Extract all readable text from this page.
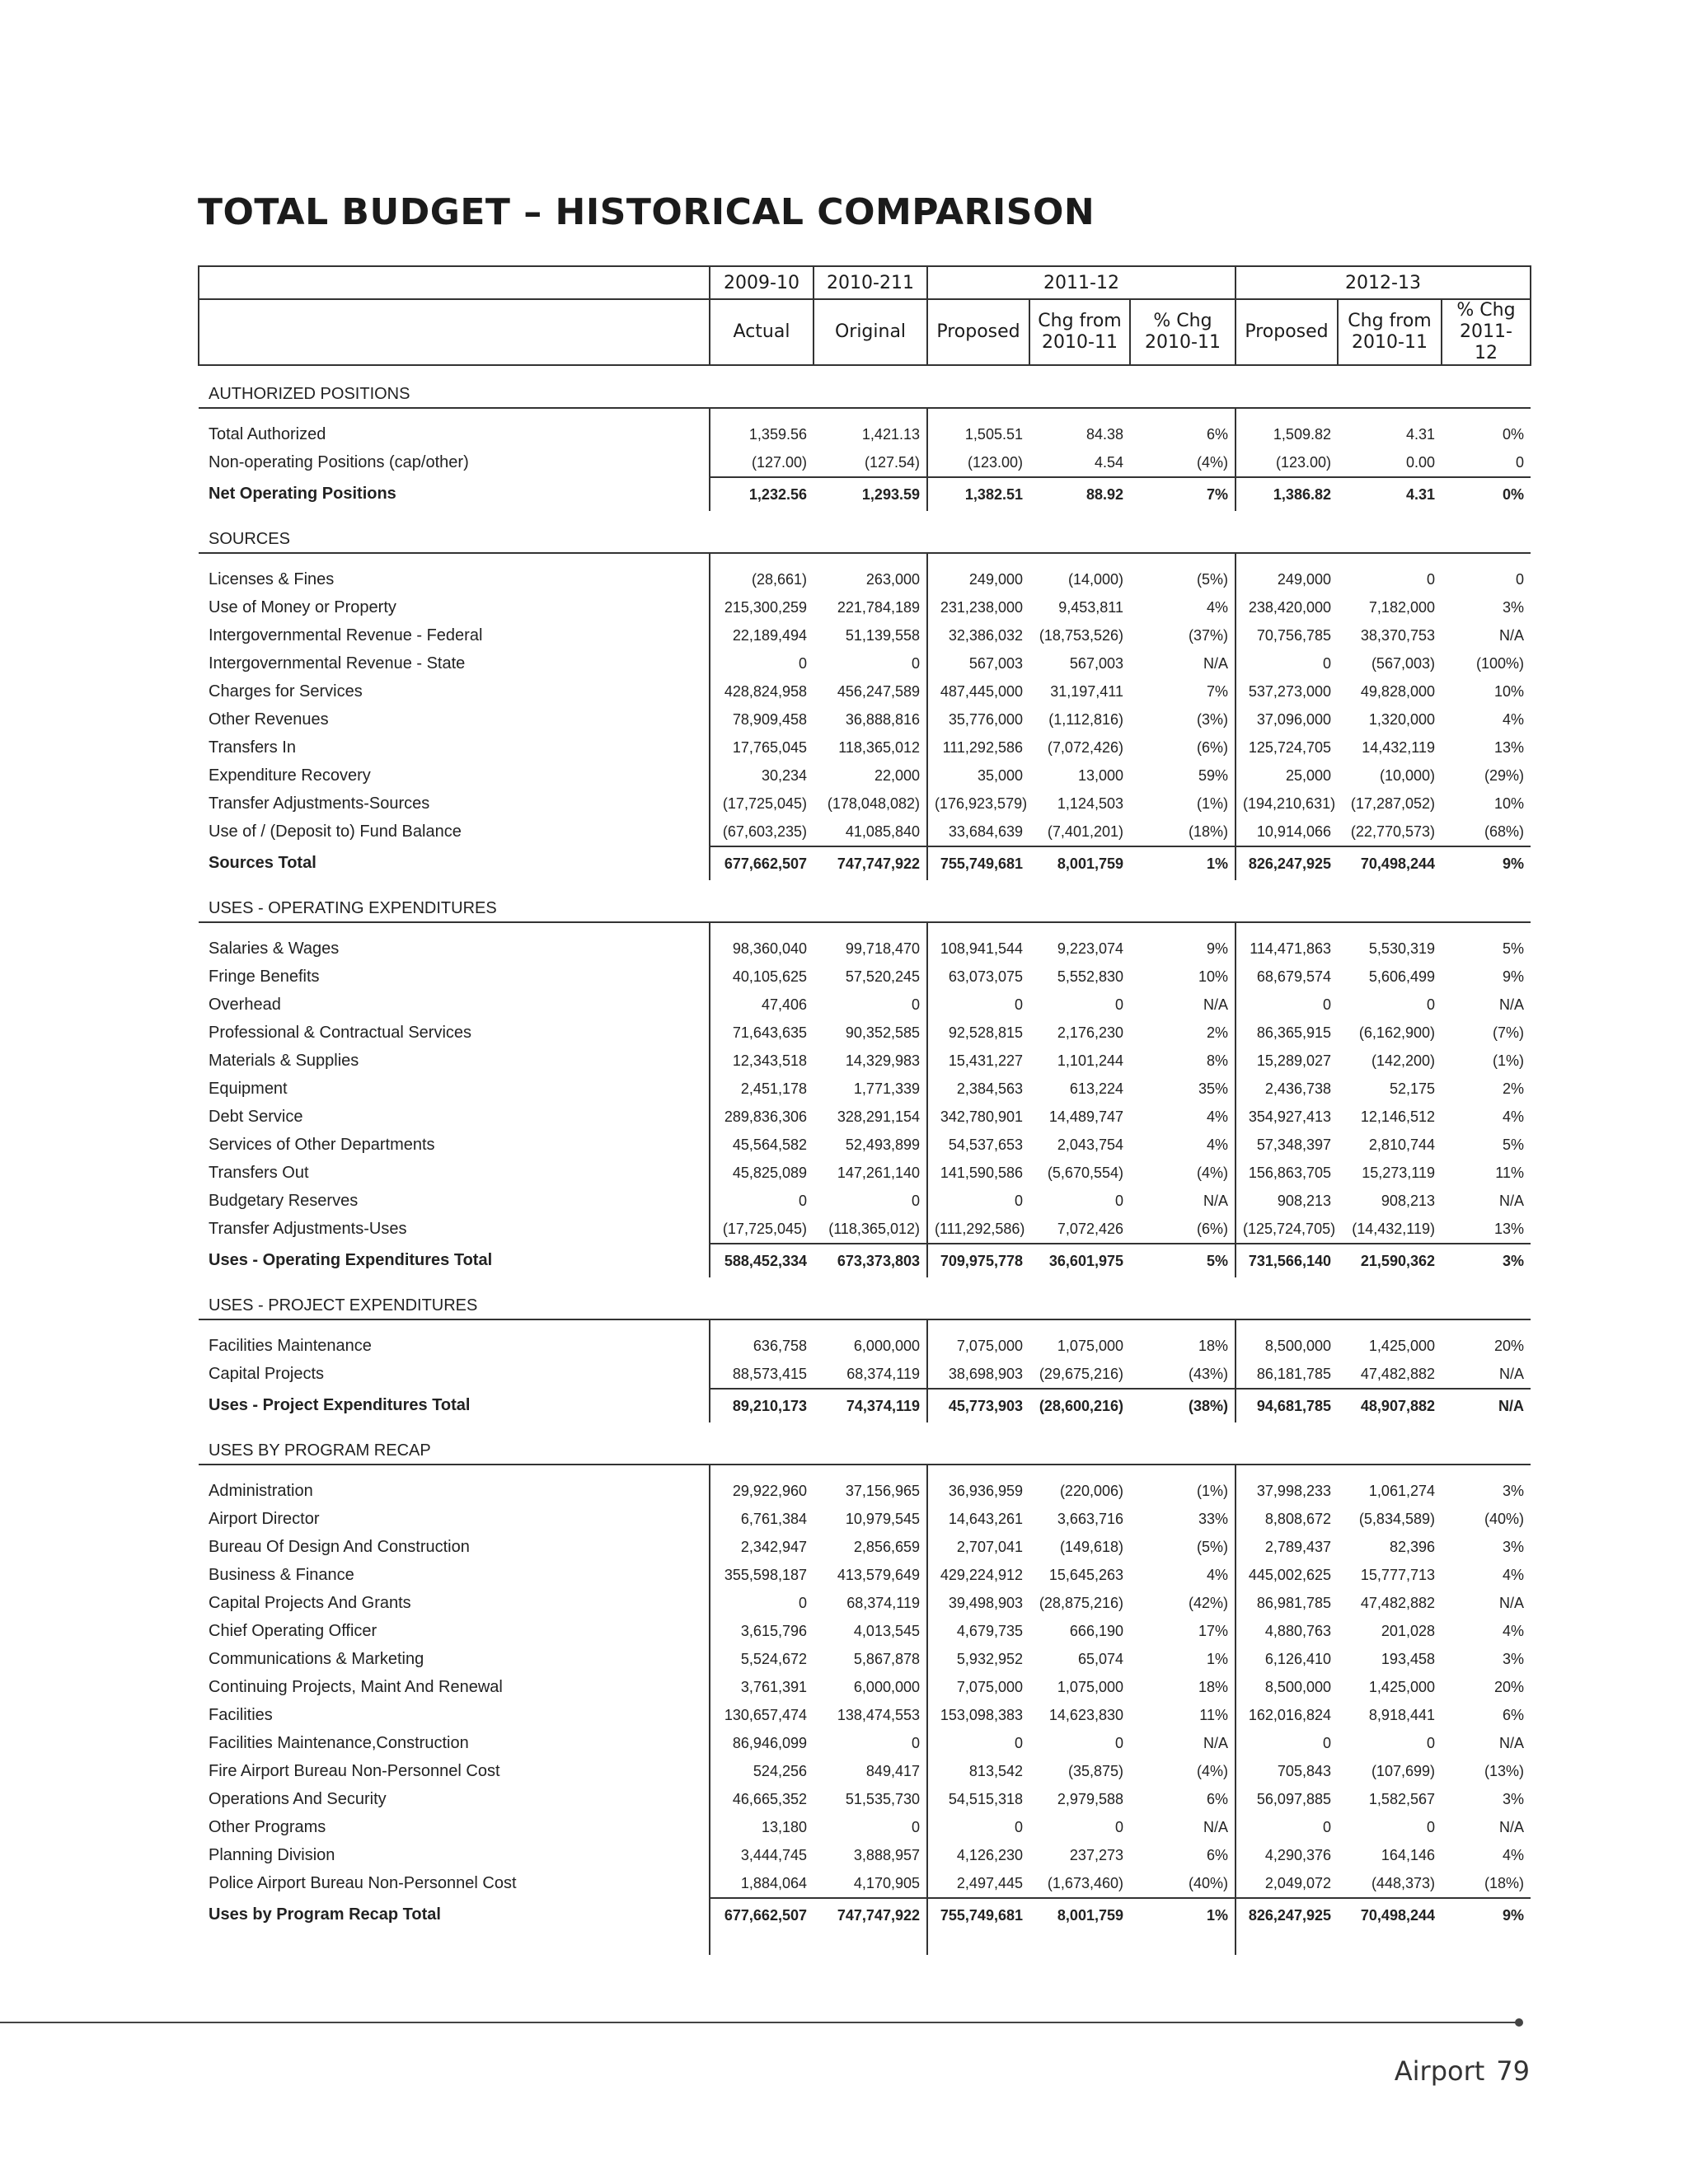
TOTAL BUDGET – HISTORICAL COMPARISON
	2009-10	2010-211	2011-12			2012-13		
	Actual	Original	Proposed	Chg from 2010-11	% Chg 2010-11	Proposed	Chg from 2010-11	% Chg 2011-12
AUTHORIZED POSITIONS								

Total Authorized	1,359.56	1,421.13	1,505.51	84.38	6%	1,509.82	4.31	0%
Non-operating Positions (cap/other)	(127.00)	(127.54)	(123.00)	4.54	(4%)	(123.00)	0.00	0
Net Operating Positions	1,232.56	1,293.59	1,382.51	88.92	7%	1,386.82	4.31	0%
SOURCES								

Licenses & Fines	(28,661)	263,000	249,000	(14,000)	(5%)	249,000	0	0
Use of Money or Property	215,300,259	221,784,189	231,238,000	9,453,811	4%	238,420,000	7,182,000	3%
Intergovernmental Revenue - Federal	22,189,494	51,139,558	32,386,032	(18,753,526)	(37%)	70,756,785	38,370,753	N/A
Intergovernmental Revenue - State	0	0	567,003	567,003	N/A	0	(567,003)	(100%)
Charges for Services	428,824,958	456,247,589	487,445,000	31,197,411	7%	537,273,000	49,828,000	10%
Other Revenues	78,909,458	36,888,816	35,776,000	(1,112,816)	(3%)	37,096,000	1,320,000	4%
Transfers In	17,765,045	118,365,012	111,292,586	(7,072,426)	(6%)	125,724,705	14,432,119	13%
Expenditure Recovery	30,234	22,000	35,000	13,000	59%	25,000	(10,000)	(29%)
Transfer Adjustments-Sources	(17,725,045)	(178,048,082)	(176,923,579)	1,124,503	(1%)	(194,210,631)	(17,287,052)	10%
Use of / (Deposit to) Fund Balance	(67,603,235)	41,085,840	33,684,639	(7,401,201)	(18%)	10,914,066	(22,770,573)	(68%)
Sources Total	677,662,507	747,747,922	755,749,681	8,001,759	1%	826,247,925	70,498,244	9%
USES - OPERATING EXPENDITURES								

Salaries & Wages	98,360,040	99,718,470	108,941,544	9,223,074	9%	114,471,863	5,530,319	5%
Fringe Benefits	40,105,625	57,520,245	63,073,075	5,552,830	10%	68,679,574	5,606,499	9%
Overhead	47,406	0	0	0	N/A	0	0	N/A
Professional & Contractual Services	71,643,635	90,352,585	92,528,815	2,176,230	2%	86,365,915	(6,162,900)	(7%)
Materials & Supplies	12,343,518	14,329,983	15,431,227	1,101,244	8%	15,289,027	(142,200)	(1%)
Equipment	2,451,178	1,771,339	2,384,563	613,224	35%	2,436,738	52,175	2%
Debt Service	289,836,306	328,291,154	342,780,901	14,489,747	4%	354,927,413	12,146,512	4%
Services of Other Departments	45,564,582	52,493,899	54,537,653	2,043,754	4%	57,348,397	2,810,744	5%
Transfers Out	45,825,089	147,261,140	141,590,586	(5,670,554)	(4%)	156,863,705	15,273,119	11%
Budgetary Reserves	0	0	0	0	N/A	908,213	908,213	N/A
Transfer Adjustments-Uses	(17,725,045)	(118,365,012)	(111,292,586)	7,072,426	(6%)	(125,724,705)	(14,432,119)	13%
Uses - Operating Expenditures Total	588,452,334	673,373,803	709,975,778	36,601,975	5%	731,566,140	21,590,362	3%
USES - PROJECT EXPENDITURES								

Facilities Maintenance	636,758	6,000,000	7,075,000	1,075,000	18%	8,500,000	1,425,000	20%
Capital Projects	88,573,415	68,374,119	38,698,903	(29,675,216)	(43%)	86,181,785	47,482,882	N/A
Uses - Project Expenditures Total	89,210,173	74,374,119	45,773,903	(28,600,216)	(38%)	94,681,785	48,907,882	N/A
USES BY PROGRAM RECAP								

Administration	29,922,960	37,156,965	36,936,959	(220,006)	(1%)	37,998,233	1,061,274	3%
Airport Director	6,761,384	10,979,545	14,643,261	3,663,716	33%	8,808,672	(5,834,589)	(40%)
Bureau Of Design And Construction	2,342,947	2,856,659	2,707,041	(149,618)	(5%)	2,789,437	82,396	3%
Business & Finance	355,598,187	413,579,649	429,224,912	15,645,263	4%	445,002,625	15,777,713	4%
Capital Projects And Grants	0	68,374,119	39,498,903	(28,875,216)	(42%)	86,981,785	47,482,882	N/A
Chief Operating Officer	3,615,796	4,013,545	4,679,735	666,190	17%	4,880,763	201,028	4%
Communications & Marketing	5,524,672	5,867,878	5,932,952	65,074	1%	6,126,410	193,458	3%
Continuing Projects, Maint And Renewal	3,761,391	6,000,000	7,075,000	1,075,000	18%	8,500,000	1,425,000	20%
Facilities	130,657,474	138,474,553	153,098,383	14,623,830	11%	162,016,824	8,918,441	6%
Facilities Maintenance,Construction	86,946,099	0	0	0	N/A	0	0	N/A
Fire Airport Bureau Non-Personnel Cost	524,256	849,417	813,542	(35,875)	(4%)	705,843	(107,699)	(13%)
Operations And Security	46,665,352	51,535,730	54,515,318	2,979,588	6%	56,097,885	1,582,567	3%
Other Programs	13,180	0	0	0	N/A	0	0	N/A
Planning Division	3,444,745	3,888,957	4,126,230	237,273	6%	4,290,376	164,146	4%
Police Airport Bureau Non-Personnel Cost	1,884,064	4,170,905	2,497,445	(1,673,460)	(40%)	2,049,072	(448,373)	(18%)
Uses by Program Recap Total	677,662,507	747,747,922	755,749,681	8,001,759	1%	826,247,925	70,498,244	9%

Airport 79
